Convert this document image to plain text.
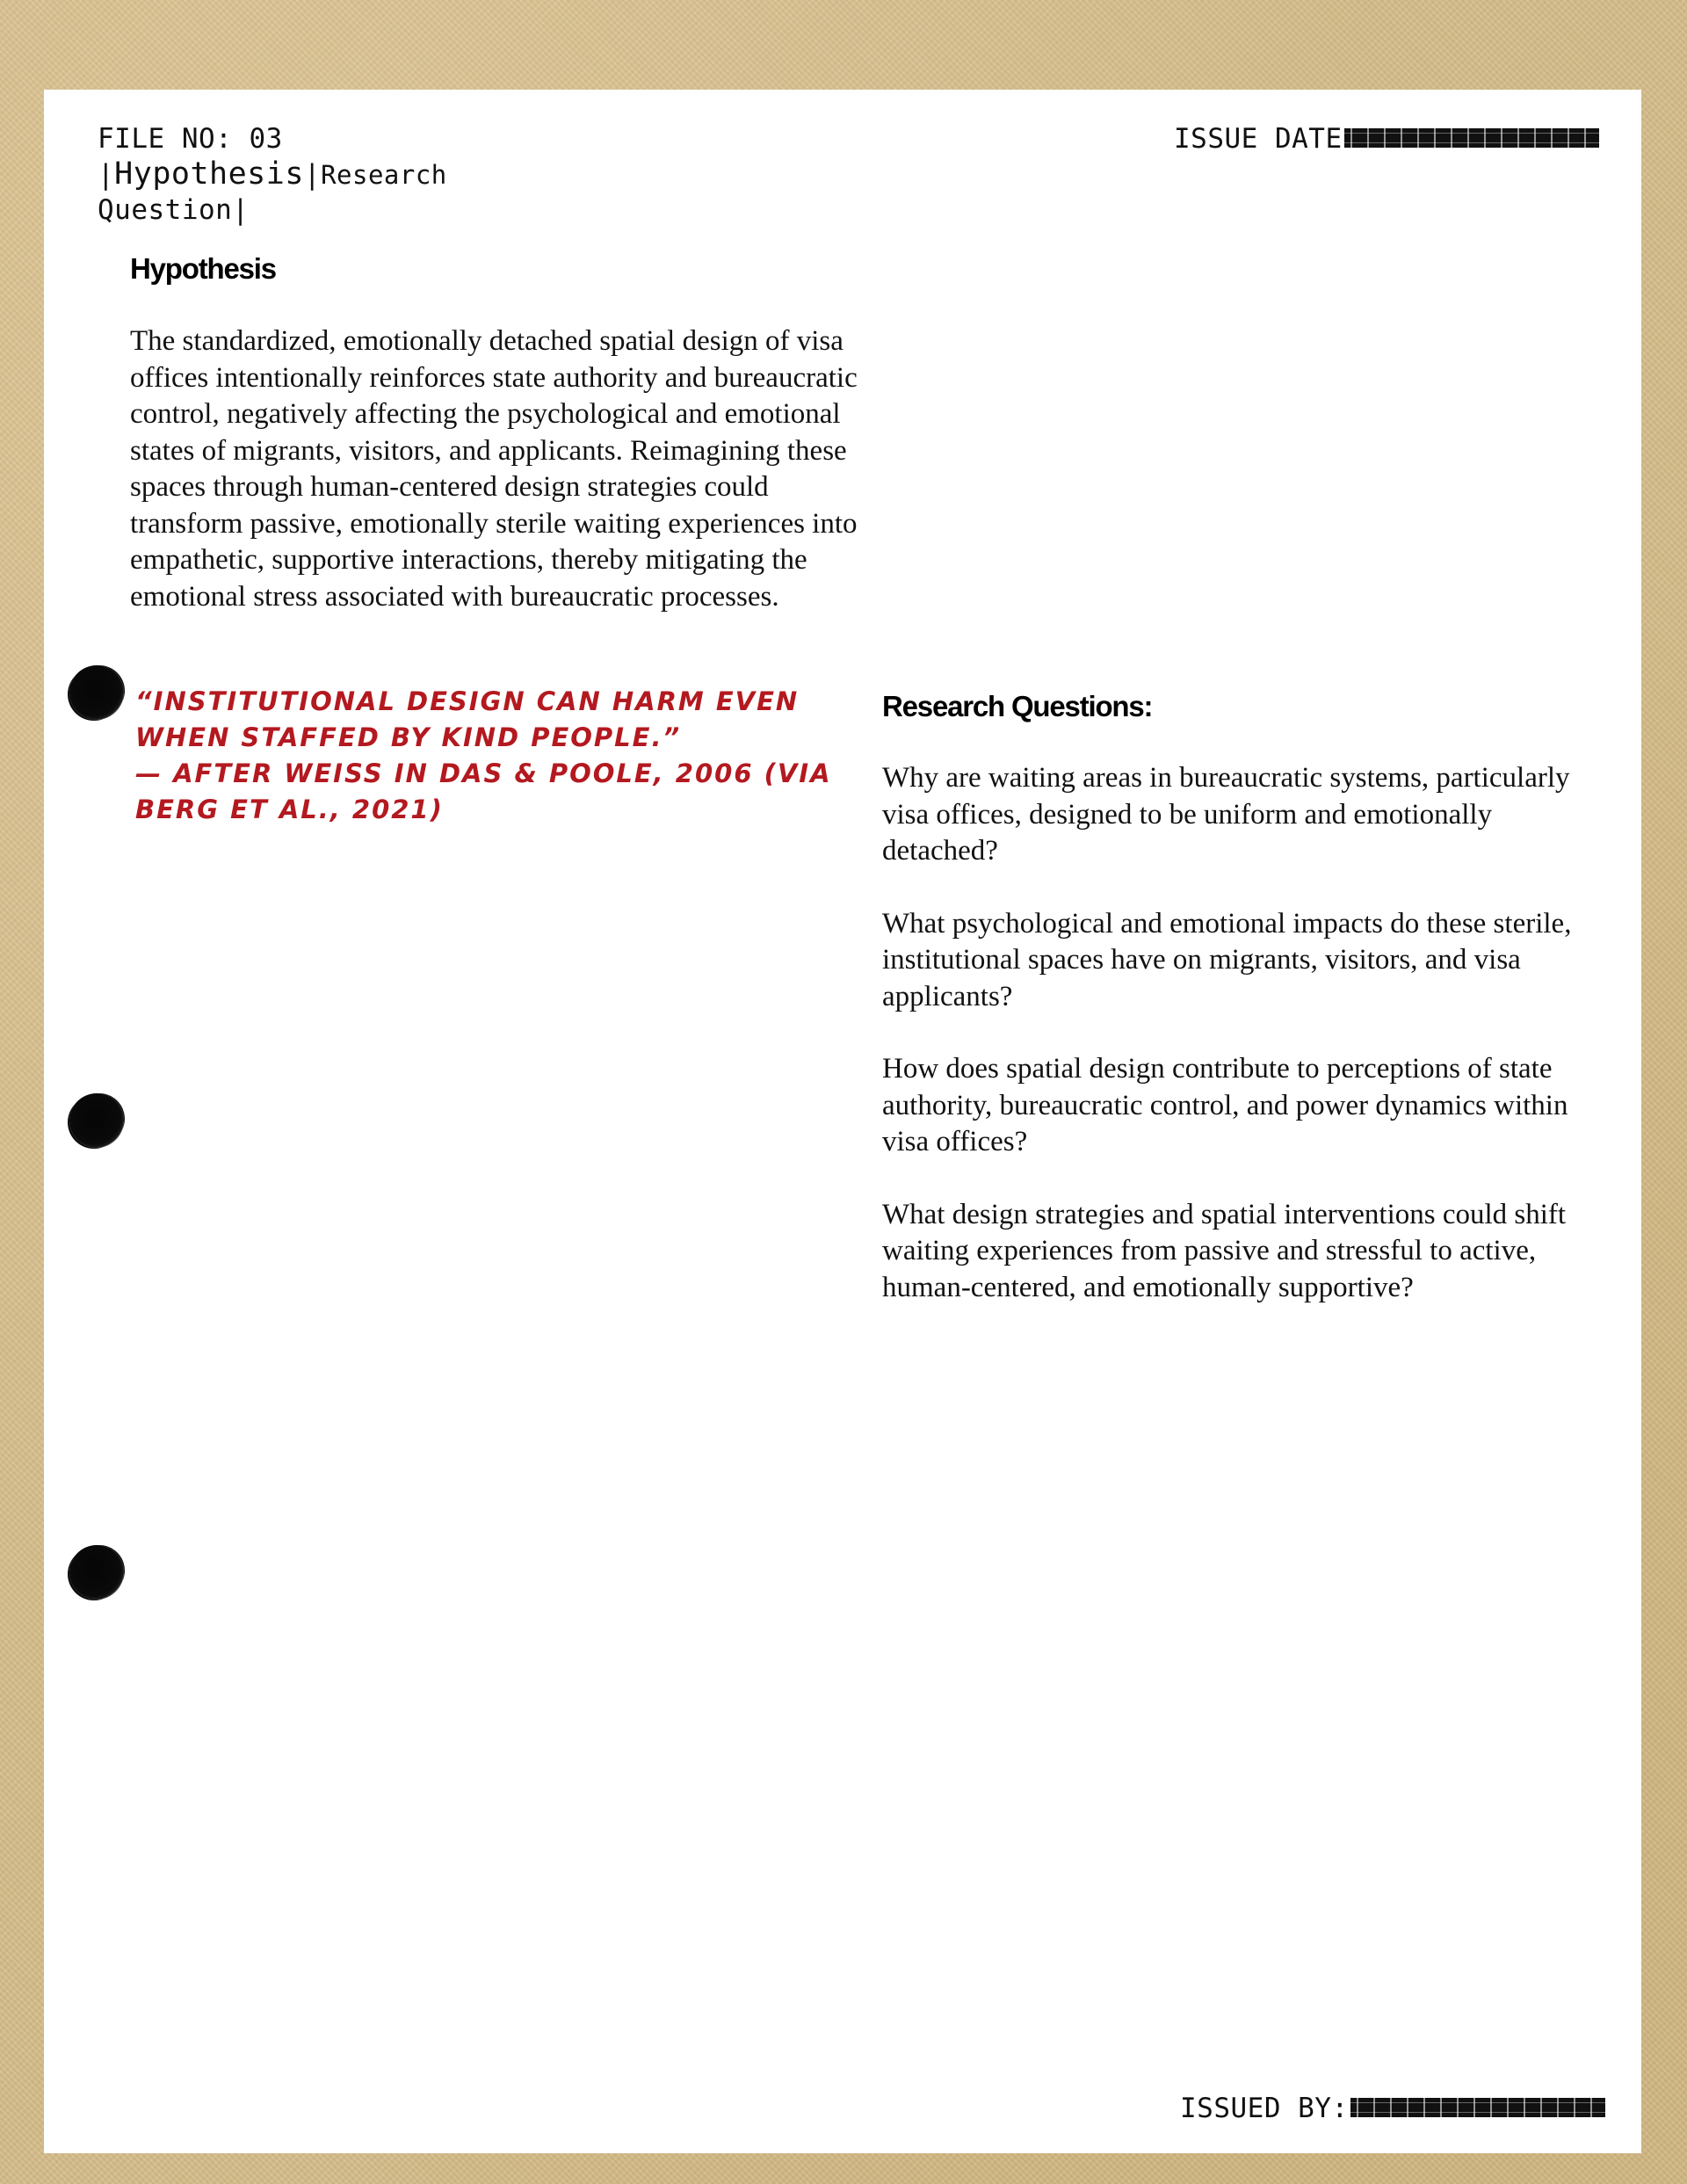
FILE NO: 03
|Hypothesis|Research
Question|
ISSUE DATE
Hypothesis

The standardized, emotionally detached spatial design of visa offices intentionally reinforces state authority and bureaucratic control, negatively affecting the psychological and emotional states of migrants, visitors, and applicants. Reimagining these spaces through human-centered design strategies could transform passive, emotionally sterile waiting experiences into empathetic, supportive interactions, thereby mitigating the emotional stress associated with bureaucratic processes.

“INSTITUTIONAL DESIGN CAN HARM EVEN WHEN STAFFED BY KIND PEOPLE.”
— AFTER WEISS IN DAS & POOLE, 2006 (VIA BERG ET AL., 2021)
Research Questions:
Why are waiting areas in bureaucratic systems, particularly visa offices, designed to be uniform and emotionally detached?
What psychological and emotional impacts do these sterile, institutional spaces have on migrants, visitors, and visa applicants?
How does spatial design contribute to perceptions of state authority, bureaucratic control, and power dynamics within visa offices?
What design strategies and spatial interventions could shift waiting experiences from passive and stressful to active, human-centered, and emotionally supportive?
ISSUED BY:
